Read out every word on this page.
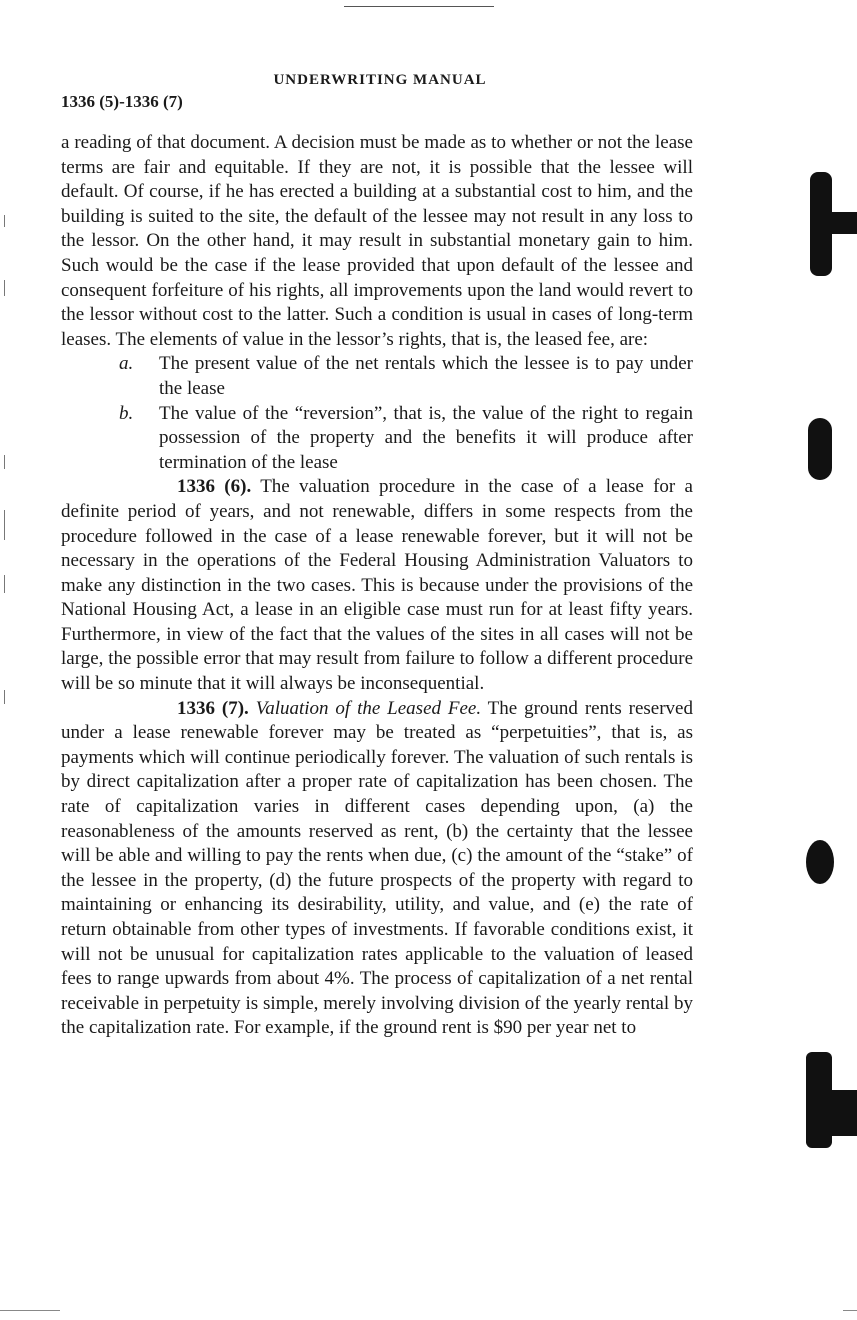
UNDERWRITING MANUAL
1336 (5)-1336 (7)

a reading of that document. A decision must be made as to whether or not the lease terms are fair and equitable. If they are not, it is possible that the lessee will default. Of course, if he has erected a building at a substantial cost to him, and the building is suited to the site, the default of the lessee may not result in any loss to the lessor. On the other hand, it may result in substantial monetary gain to him. Such would be the case if the lease provided that upon default of the lessee and consequent forfeiture of his rights, all improvements upon the land would revert to the lessor without cost to the latter. Such a condition is usual in cases of long-term leases. The elements of value in the lessor’s rights, that is, the leased fee, are:

a. The present value of the net rentals which the lessee is to pay under the lease
b. The value of the “reversion”, that is, the value of the right to regain possession of the property and the benefits it will produce after termination of the lease

1336 (6). The valuation procedure in the case of a lease for a definite period of years, and not renewable, differs in some respects from the procedure followed in the case of a lease renewable forever, but it will not be necessary in the operations of the Federal Housing Administration Valuators to make any distinction in the two cases. This is because under the provisions of the National Housing Act, a lease in an eligible case must run for at least fifty years. Furthermore, in view of the fact that the values of the sites in all cases will not be large, the possible error that may result from failure to follow a different procedure will be so minute that it will always be inconsequential.

1336 (7). Valuation of the Leased Fee. The ground rents reserved under a lease renewable forever may be treated as “perpetuities”, that is, as payments which will continue periodically forever. The valuation of such rentals is by direct capitalization after a proper rate of capitalization has been chosen. The rate of capitalization varies in different cases depending upon, (a) the reasonableness of the amounts reserved as rent, (b) the certainty that the lessee will be able and willing to pay the rents when due, (c) the amount of the “stake” of the lessee in the property, (d) the future prospects of the property with regard to maintaining or enhancing its desirability, utility, and value, and (e) the rate of return obtainable from other types of investments. If favorable conditions exist, it will not be unusual for capitalization rates applicable to the valuation of leased fees to range upwards from about 4%. The process of capitalization of a net rental receivable in perpetuity is simple, merely involving division of the yearly rental by the capitalization rate. For example, if the ground rent is $90 per year net to
